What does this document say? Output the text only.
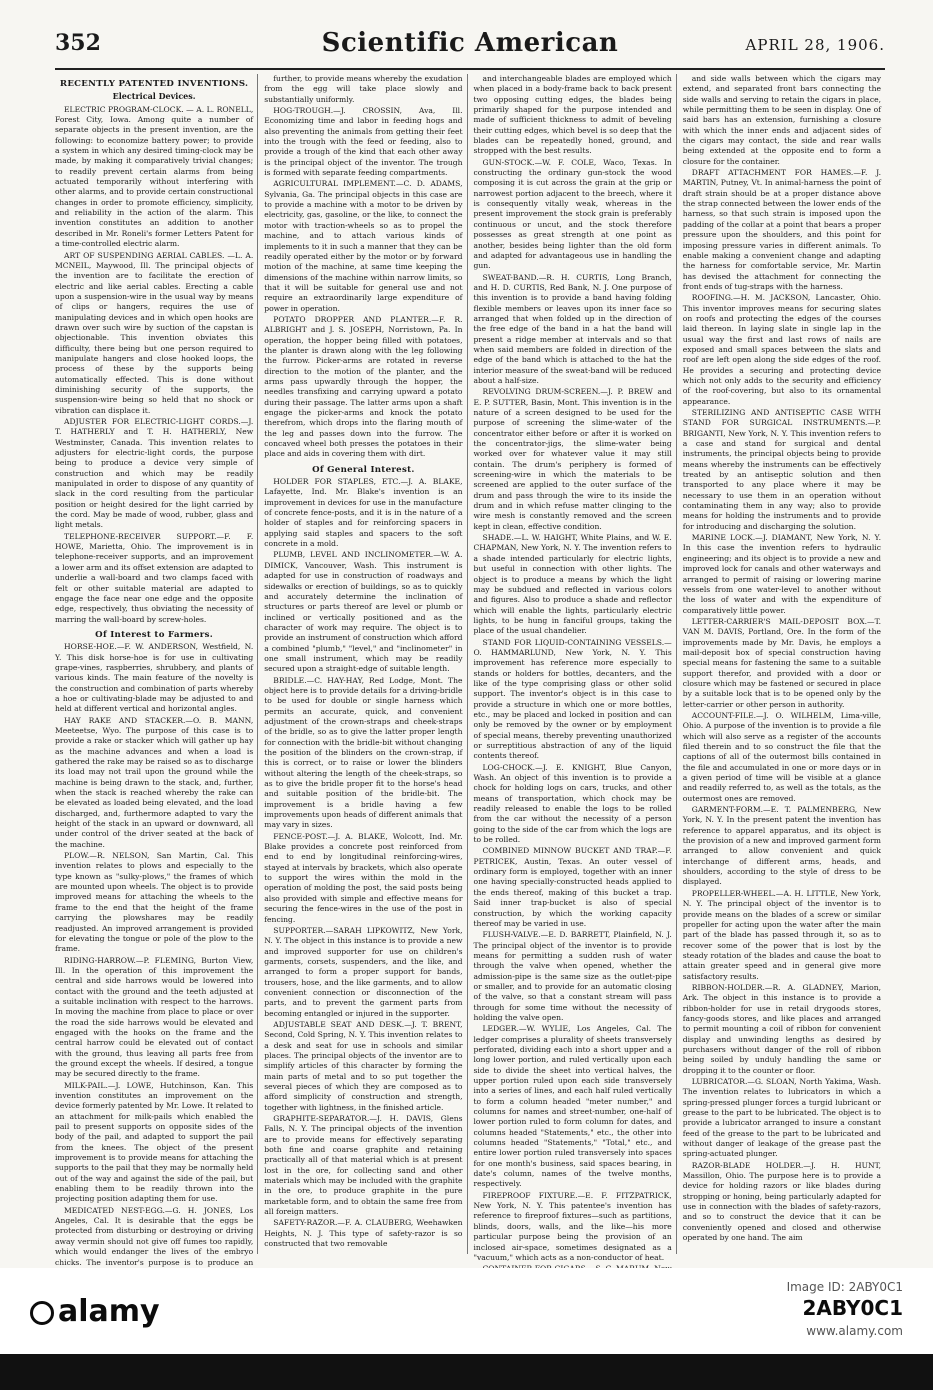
352	Scientific American	APRIL 28, 1906.
RECENTLY PATENTED INVENTIONS.
Electrical Devices.

ELECTRIC PROGRAM-CLOCK. — A. L. RONELL, Forest City, Iowa. Among quite a number of separate objects in the present invention, are the following: to economize battery power; to provide a system in which any desired timing-clock may be made, by making it comparatively trivial changes; to readily prevent certain alarms from being actuated temporarily without interfering with other alarms, and to provide certain constructional changes in order to promote efficiency, simplicity, and reliability in the action of the alarm. This invention constitutes an addition to another described in Mr. Roneli's former Letters Patent for a time-controlled electric alarm.

ART OF SUSPENDING AERIAL CABLES. —L. A. MCNEIL, Maywood, Ill. The principal objects of the invention are to facilitate the erection of electric and like aerial cables. Erecting a cable upon a suspension-wire in the usual way by means of clips or hangers, requires the use of manipulating devices and in which open hooks are drawn over such wire by suction of the capstan is objectionable. This invention obviates this difficulty, there being but one person required to manipulate hangers and close hooked loops, the process of these by the supports being automatically effected. This is done without diminishing security of the supports, the suspension-wire being so held that no shock or vibration can displace it.

ADJUSTER FOR ELECTRIC-LIGHT CORDS.—J. T. HATHERLY and T. H. HATHERLY, New Westminster, Canada. This invention relates to adjusters for electric-light cords, the purpose being to produce a device very simple of construction and which may be readily manipulated in order to dispose of any quantity of slack in the cord resulting from the particular position or height desired for the light carried by the cord. May be made of wood, rubber, glass and light metals.

TELEPHONE-RECEIVER SUPPORT.—F. F. HOWE, Marietta, Ohio. The improvement is in telephone-receiver supports, and an improvement a lower arm and its offset extension are adapted to underlie a wall-board and two clamps faced with felt or other suitable material are adapted to engage the face near one edge and the opposite edge, respectively, thus obviating the necessity of marring the wall-board by screw-holes.

Of Interest to Farmers.

HORSE-HOE.—F. W. ANDERSON, Westfield, N. Y. This disk horse-hoe is for use in cultivating grape-vines, raspberries, shrubbery, and plants of various kinds. The main feature of the novelty is the construction and combination of parts whereby a hoe or cultivating-blade may be adjusted to and held at different vertical and horizontal angles.

HAY RAKE AND STACKER.—O. B. MANN, Meeteetse, Wyo. The purpose of this case is to provide a rake or stacker which will gather up hay as the machine advances and when a load is gathered the rake may be raised so as to discharge its load may not trail upon the ground while the machine is being drawn to the stack, and, further, when the stack is reached whereby the rake can be elevated as loaded being elevated, and the load discharged, and, furthermore adapted to vary the height of the stack in an upward or downward, all under control of the driver seated at the back of the machine.

PLOW.—R. NELSON, San Martin, Cal. This invention relates to plows and especially to the type known as "sulky-plows," the frames of which are mounted upon wheels. The object is to provide improved means for attaching the wheels to the frame to the end that the height of the frame carrying the plowshares may be readily readjusted. An improved arrangement is provided for elevating the tongue or pole of the plow to the frame.

RIDING-HARROW.—P. FLEMING, Burton View, Ill. In the operation of this improvement the central and side harrows would be lowered into contact with the ground and the teeth adjusted at a suitable inclination with respect to the harrows. In moving the machine from place to place or over the road the side harrows would be elevated and engaged with the hooks on the frame and the central harrow could be elevated out of contact with the ground, thus leaving all parts free from the ground except the wheels. If desired, a tongue may be secured directly to the frame.

MILK-PAIL.—J. LOWE, Hutchinson, Kan. This invention constitutes an improvement on the device formerly patented by Mr. Lowe. It related to an attachment for milk-pails which enabled the pail to present supports on opposite sides of the body of the pail, and adapted to support the pail from the knees. The object of the present improvement is to provide means for attaching the supports to the pail that they may be normally held out of the way and against the side of the pail, but enabling them to be readily thrown into the projecting position adapting them for use.

MEDICATED NEST-EGG.—G. H. JONES, Los Angeles, Cal. It is desirable that the eggs be protected from disturbing or destroying or driving away vermin should not give off fumes too rapidly, which would endanger the lives of the embryo chicks. The inventor's purpose is to produce an

further, to provide means whereby the exudation from the egg will take place slowly and substantially uniformly.

HOG-TROUGH.—J. CROSSIN, Ava, Ill. Economizing time and labor in feeding hogs and also preventing the animals from getting their feet into the trough with the feed or feeding, also to provide a trough of the kind that each other away is the principal object of the inventor. The trough is formed with separate feeding compartments.

AGRICULTURAL IMPLEMENT.—C. D. ADAMS, Sylvania, Ga. The principal objects in this case are to provide a machine with a motor to be driven by electricity, gas, gasoline, or the like, to connect the motor with traction-wheels so as to propel the machine, and to attach various kinds of implements to it in such a manner that they can be readily operated either by the motor or by forward motion of the machine, at same time keeping the dimensions of the machine within narrow limits, so that it will be suitable for general use and not require an extraordinarily large expenditure of power in operation.

POTATO DROPPER AND PLANTER.—F. R. ALBRIGHT and J. S. JOSEPH, Norristown, Pa. In operation, the hopper being filled with potatoes, the planter is drawn along with the leg following the furrow. Picker-arms are rotated in reverse direction to the motion of the planter, and the arms pass upwardly through the hopper, the needles transfixing and carrying upward a potato during their passage. The latter arms upon a shaft engage the picker-arms and knock the potato therefrom, which drops into the flaring mouth of the leg and passes down into the furrow. The concaved wheel both presses the potatoes in their place and aids in covering them with dirt.

Of General Interest.

HOLDER FOR STAPLES, ETC.—J. A. BLAKE, Lafayette, Ind. Mr. Blake's invention is an improvement in devices for use in the manufacture of concrete fence-posts, and it is in the nature of a holder of staples and for reinforcing spacers in applying said staples and spacers to the soft concrete in a mold.

PLUMB, LEVEL AND INCLINOMETER.—W. A. DIMICK, Vancouver, Wash. This instrument is adapted for use in construction of roadways and sidewalks or erection of buildings, so as to quickly and accurately determine the inclination of structures or parts thereof are level or plumb or inclined or vertically positioned and as the character of work may require. The object is to provide an instrument of construction which afford a combined "plumb," "level," and "inclinometer" in one small instrument, which may be readily secured upon a straight-edge of suitable length.

BRIDLE.—C. HAY-HAY, Red Lodge, Mont. The object here is to provide details for a driving-bridle to be used for double or single harness which permits an accurate, quick, and convenient adjustment of the crown-straps and cheek-straps of the bridle, so as to give the latter proper length for connection with the bridle-bit without changing the position of the blinders on the crown-strap, if this is correct, or to raise or lower the blinders without altering the length of the cheek-straps, so as to give the bridle proper fit to the horse's head and suitable position of the bridle-bit. The improvement is a bridle having a few improvements upon heads of different animals that may vary in sizes.

FENCE-POST.—J. A. BLAKE, Wolcott, Ind. Mr. Blake provides a concrete post reinforced from end to end by longitudinal reinforcing-wires, stayed at intervals by brackets, which also operate to support the wires within the mold in the operation of molding the post, the said posts being also provided with simple and effective means for securing the fence-wires in the use of the post in fencing.

SUPPORTER.—SARAH LIPKOWITZ, New York, N. Y. The object in this instance is to provide a new and improved supporter for use on children's garments, corsets, suspenders, and the like, and arranged to form a proper support for bands, trousers, hose, and the like garments, and to allow convenient connection or disconnection of the parts, and to prevent the garment parts from becoming entangled or injured in the supporter.

ADJUSTABLE SEAT AND DESK.—J. T. BRENT, Second, Cold Spring, N. Y. This invention relates to a desk and seat for use in schools and similar places. The principal objects of the inventor are to simplify articles of this character by forming the main parts of metal and to so put together the several pieces of which they are composed as to afford simplicity of construction and strength, together with lightness, in the finished article.

GRAPHITE-SEPARATOR.—J. H. DAVIS, Glens Falls, N. Y. The principal objects of the invention are to provide means for effectively separating both fine and coarse graphite and retaining practically all of that material which is at present lost in the ore, for collecting sand and other materials which may be included with the graphite in the ore, to produce graphite in the pure marketable form, and to obtain the same free from all foreign matters.

SAFETY-RAZOR.—F. A. CLAUBERG, Weehawken Heights, N. J. This type of safety-razor is so constructed that two removable

and interchangeable blades are employed which when placed in a body-frame back to back present two opposing cutting edges, the blades being primarily shaped for the purpose intended and made of sufficient thickness to admit of beveling their cutting edges, which bevel is so deep that the blades can be repeatedly honed, ground, and stropped with the best results.

GUN-STOCK.—W. F. COLE, Waco, Texas. In constructing the ordinary gun-stock the wood composing it is cut across the grain at the grip or narrowest portion adjacent to the breech, where it is consequently vitally weak, whereas in the present improvement the stock grain is preferably continuous or uncut, and the stock therefore possesses as great strength at one point as another, besides being lighter than the old form and adapted for advantageous use in handling the gun.

SWEAT-BAND.—R. H. CURTIS, Long Branch, and H. D. CURTIS, Red Bank, N. J. One purpose of this invention is to provide a band having folding flexible members or leaves upon its inner face so arranged that when folded up in the direction of the free edge of the band in a hat the band will present a ridge member at intervals and so that when said members are folded in direction of the edge of the band which is attached to the hat the interior measure of the sweat-band will be reduced about a half-size.

REVOLVING DRUM-SCREEN.—J. P. BREW and E. P. SUTTER, Basin, Mont. This invention is in the nature of a screen designed to be used for the purpose of screening the slime-water of the concentrator either before or after it is worked on the concentrator-jigs, the slime-water being worked over for whatever value it may still contain. The drum's periphery is formed of screening-wire in which the materials to be screened are applied to the outer surface of the drum and pass through the wire to its inside the drum and in which refuse matter clinging to the wire mesh is constantly removed and the screen kept in clean, effective condition.

SHADE.—L. W. HAIGHT, White Plains, and W. E. CHAPMAN, New York, N. Y. The invention refers to a shade intended particularly for electric lights, but useful in connection with other lights. The object is to produce a means by which the light may be subdued and reflected in various colors and figures. Also to produce a shade and reflector which will enable the lights, particularly electric lights, to be hung in fanciful groups, taking the place of the usual chandelier.

STAND FOR LIQUID-CONTAINING VESSELS.—O. HAMMARLUND, New York, N. Y. This improvement has reference more especially to stands or holders for bottles, decanters, and the like of the type comprising glass or other solid support. The inventor's object is in this case to provide a structure in which one or more bottles, etc., may be placed and locked in position and can only be removed by the owner or by employment of special means, thereby preventing unauthorized or surreptitious abstraction of any of the liquid contents thereof.

LOG-CHOCK.—J. E. KNIGHT, Blue Canyon, Wash. An object of this invention is to provide a chock for holding logs on cars, trucks, and other means of transportation, which chock may be readily released to enable the logs to be rolled from the car without the necessity of a person going to the side of the car from which the logs are to be rolled.

COMBINED MINNOW BUCKET AND TRAP.—F. PETRICEK, Austin, Texas. An outer vessel of ordinary form is employed, together with an inner one having specially-constructed heads applied to the ends thereof, making of this bucket a trap. Said inner trap-bucket is also of special construction, by which the working capacity thereof may be varied in use.

FLUSH-VALVE.—E. D. BARRETT, Plainfield, N. J. The principal object of the inventor is to provide means for permitting a sudden rush of water through the valve when opened, whether the admission-pipe is the same size as the outlet-pipe or smaller, and to provide for an automatic closing of the valve, so that a constant stream will pass through for some time without the necessity of holding the valve open.

LEDGER.—W. WYLIE, Los Angeles, Cal. The ledger comprises a plurality of sheets transversely perforated, dividing each into a short upper and a long lower portion, and ruled vertically upon each side to divide the sheet into vertical halves, the upper portion ruled upon each side transversely into a series of lines, and each half ruled vertically to form a column headed "meter number," and columns for names and street-number, one-half of lower portion ruled to form column for dates, and columns headed "Statements," etc., the other into columns headed "Statements," "Total," etc., and entire lower portion ruled transversely into spaces for one month's business, said spaces bearing, in date's column, names of the twelve months, respectively.

FIREPROOF FIXTURE.—E. F. FITZPATRICK, New York, N. Y. This patentee's invention has reference to fireproof fixtures—such as partitions, blinds, doors, walls, and the like—his more particular purpose being the provision of an inclosed air-space, sometimes designated as a "vacuum," which acts as a non-conductor of heat.

and side walls between which the cigars may extend, and separated front bars connecting the side walls and serving to retain the cigars in place, while permitting them to be seen in display. One of said bars has an extension, furnishing a closure with which the inner ends and adjacent sides of the cigars may contact, the side and rear walls being extended at the opposite end to form a closure for the container.

DRAFT ATTACHMENT FOR HAMES.—F. J. MARTIN, Putney, Vt. In animal-harness the point of draft strain should be at a proper distance above the strap connected between the lower ends of the harness, so that such strain is imposed upon the padding of the collar at a point that bears a proper pressure upon the shoulders, and this point for imposing pressure varies in different animals. To enable making a convenient change and adapting the harness for comfortable service, Mr. Martin has devised the attachment for connecting the front ends of tug-straps with the harness.

ROOFING.—H. M. JACKSON, Lancaster, Ohio. This inventor improves means for securing slates on roofs and protecting the edges of the courses laid thereon. In laying slate in single lap in the usual way the first and last rows of nails are exposed and small spaces between the slats and roof are left open along the side edges of the roof. He provides a securing and protecting device which not only adds to the security and efficiency of the roof-covering, but also to its ornamental appearance.

STERILIZING AND ANTISEPTIC CASE WITH STAND FOR SURGICAL INSTRUMENTS.—P. BRIGANTI, New York, N. Y. This invention refers to a case and stand for surgical and dental instruments, the principal objects being to provide means whereby the instruments can be effectively treated by an antiseptic solution and then transported to any place where it may be necessary to use them in an operation without contaminating them in any way; also to provide means for holding the instruments and to provide for introducing and discharging the solution.

MARINE LOCK.—J. DIAMANT, New York, N. Y. In this case the invention refers to hydraulic engineering; and its object is to provide a new and improved lock for canals and other waterways and arranged to permit of raising or lowering marine vessels from one water-level to another without the loss of water and with the expenditure of comparatively little power.

LETTER-CARRIER'S MAIL-DEPOSIT BOX.—T. VAN M. DAVIS, Portland, Ore. In the form of the improvements made by Mr. Davis, he employs a mail-deposit box of special construction having special means for fastening the same to a suitable support therefor, and provided with a door or closure which may be fastened or secured in place by a suitable lock that is to be opened only by the letter-carrier or other person in authority.

ACCOUNT-FILE.—J. O. WILHELM, Lima-ville, Ohio. A purpose of the invention is to provide a file which will also serve as a register of the accounts filed therein and to so construct the file that the captions of all of the outermost bills contained in the file and accumulated in one or more days or in a given period of time will be visible at a glance and readily referred to, as well as the totals, as the outermost ones are removed.

GARMENT-FORM.—E. T. PALMENBERG, New York, N. Y. In the present patent the invention has reference to apparel apparatus, and its object is the provision of a new and improved garment form arranged to allow convenient and quick interchange of different arms, heads, and shoulders, according to the style of dress to be displayed.

PROPELLER-WHEEL.—A. H. LITTLE, New York, N. Y. The principal object of the inventor is to provide means on the blades of a screw or similar propeller for acting upon the water after the main part of the blade has passed through it, so as to recover some of the power that is lost by the steady rotation of the blades and cause the boat to attain greater speed and in general give more satisfactory results.

RIBBON-HOLDER.—R. A. GLADNEY, Marion, Ark. The object in this instance is to provide a ribbon-holder for use in retail drygoods stores, fancy-goods stores, and like places and arranged to permit mounting a coil of ribbon for convenient display and unwinding lengths as desired by purchasers without danger of the roll of ribbon being soiled by unduly handling the same or dropping it to the counter or floor.

LUBRICATOR.—G. SLOAN, North Yakima, Wash. The invention relates to lubricators in which a spring-pressed plunger forces a turgid lubricant or grease to the part to be lubricated. The object is to provide a lubricator arranged to insure a constant feed of the grease to the part to be lubricated and without danger of leakage of the grease past the spring-actuated plunger.

RAZOR-BLADE HOLDER.—J. H. HUNT, Massillon, Ohio. The purpose here is to provide a device for holding razors or like blades during stropping or honing, being particularly adapted for use in connection with the blades of safety-razors, and so to construct the device that it can be conveniently opened and closed and otherwise operated by one hand. The aim

alamy
Image ID: 2ABY0C1
2ABY0C1
www.alamy.com
